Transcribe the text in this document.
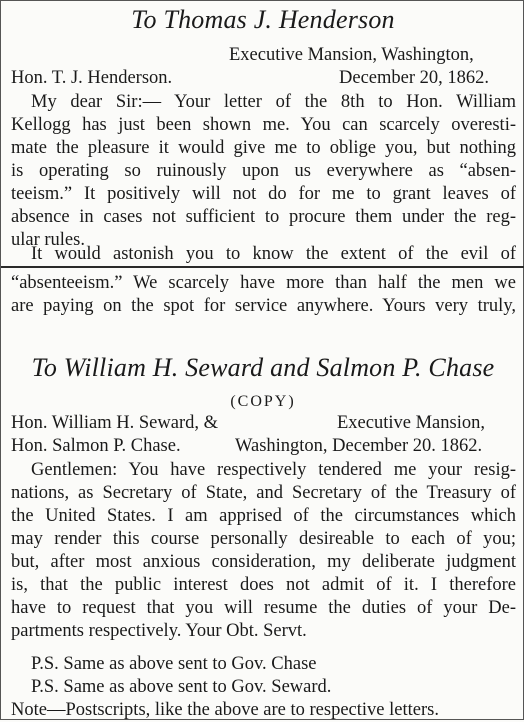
To Thomas J. Henderson
Executive Mansion, Washington,
Hon. T. J. Henderson.	December 20, 1862.
My dear Sir:— Your letter of the 8th to Hon. William
Kellogg has just been shown me. You can scarcely overesti-
mate the pleasure it would give me to oblige you, but nothing
is operating so ruinously upon us everywhere as “absen-
teeism.” It positively will not do for me to grant leaves of
absence in cases not sufficient to procure them under the reg-
ular rules.
It would astonish you to know the extent of the evil of
“absenteeism.” We scarcely have more than half the men we
are paying on the spot for service anywhere. Yours very truly,
To William H. Seward and Salmon P. Chase
(COPY)
Hon. William H. Seward, &	Executive Mansion,
Hon. Salmon P. Chase.	Washington, December 20. 1862.
Gentlemen: You have respectively tendered me your resig-
nations, as Secretary of State, and Secretary of the Treasury of
the United States. I am apprised of the circumstances which
may render this course personally desireable to each of you;
but, after most anxious consideration, my deliberate judgment
is, that the public interest does not admit of it. I therefore
have to request that you will resume the duties of your De-
partments respectively. Your Obt. Servt.
P.S. Same as above sent to Gov. Chase
P.S. Same as above sent to Gov. Seward.
Note—Postscripts, like the above are to respective letters.
